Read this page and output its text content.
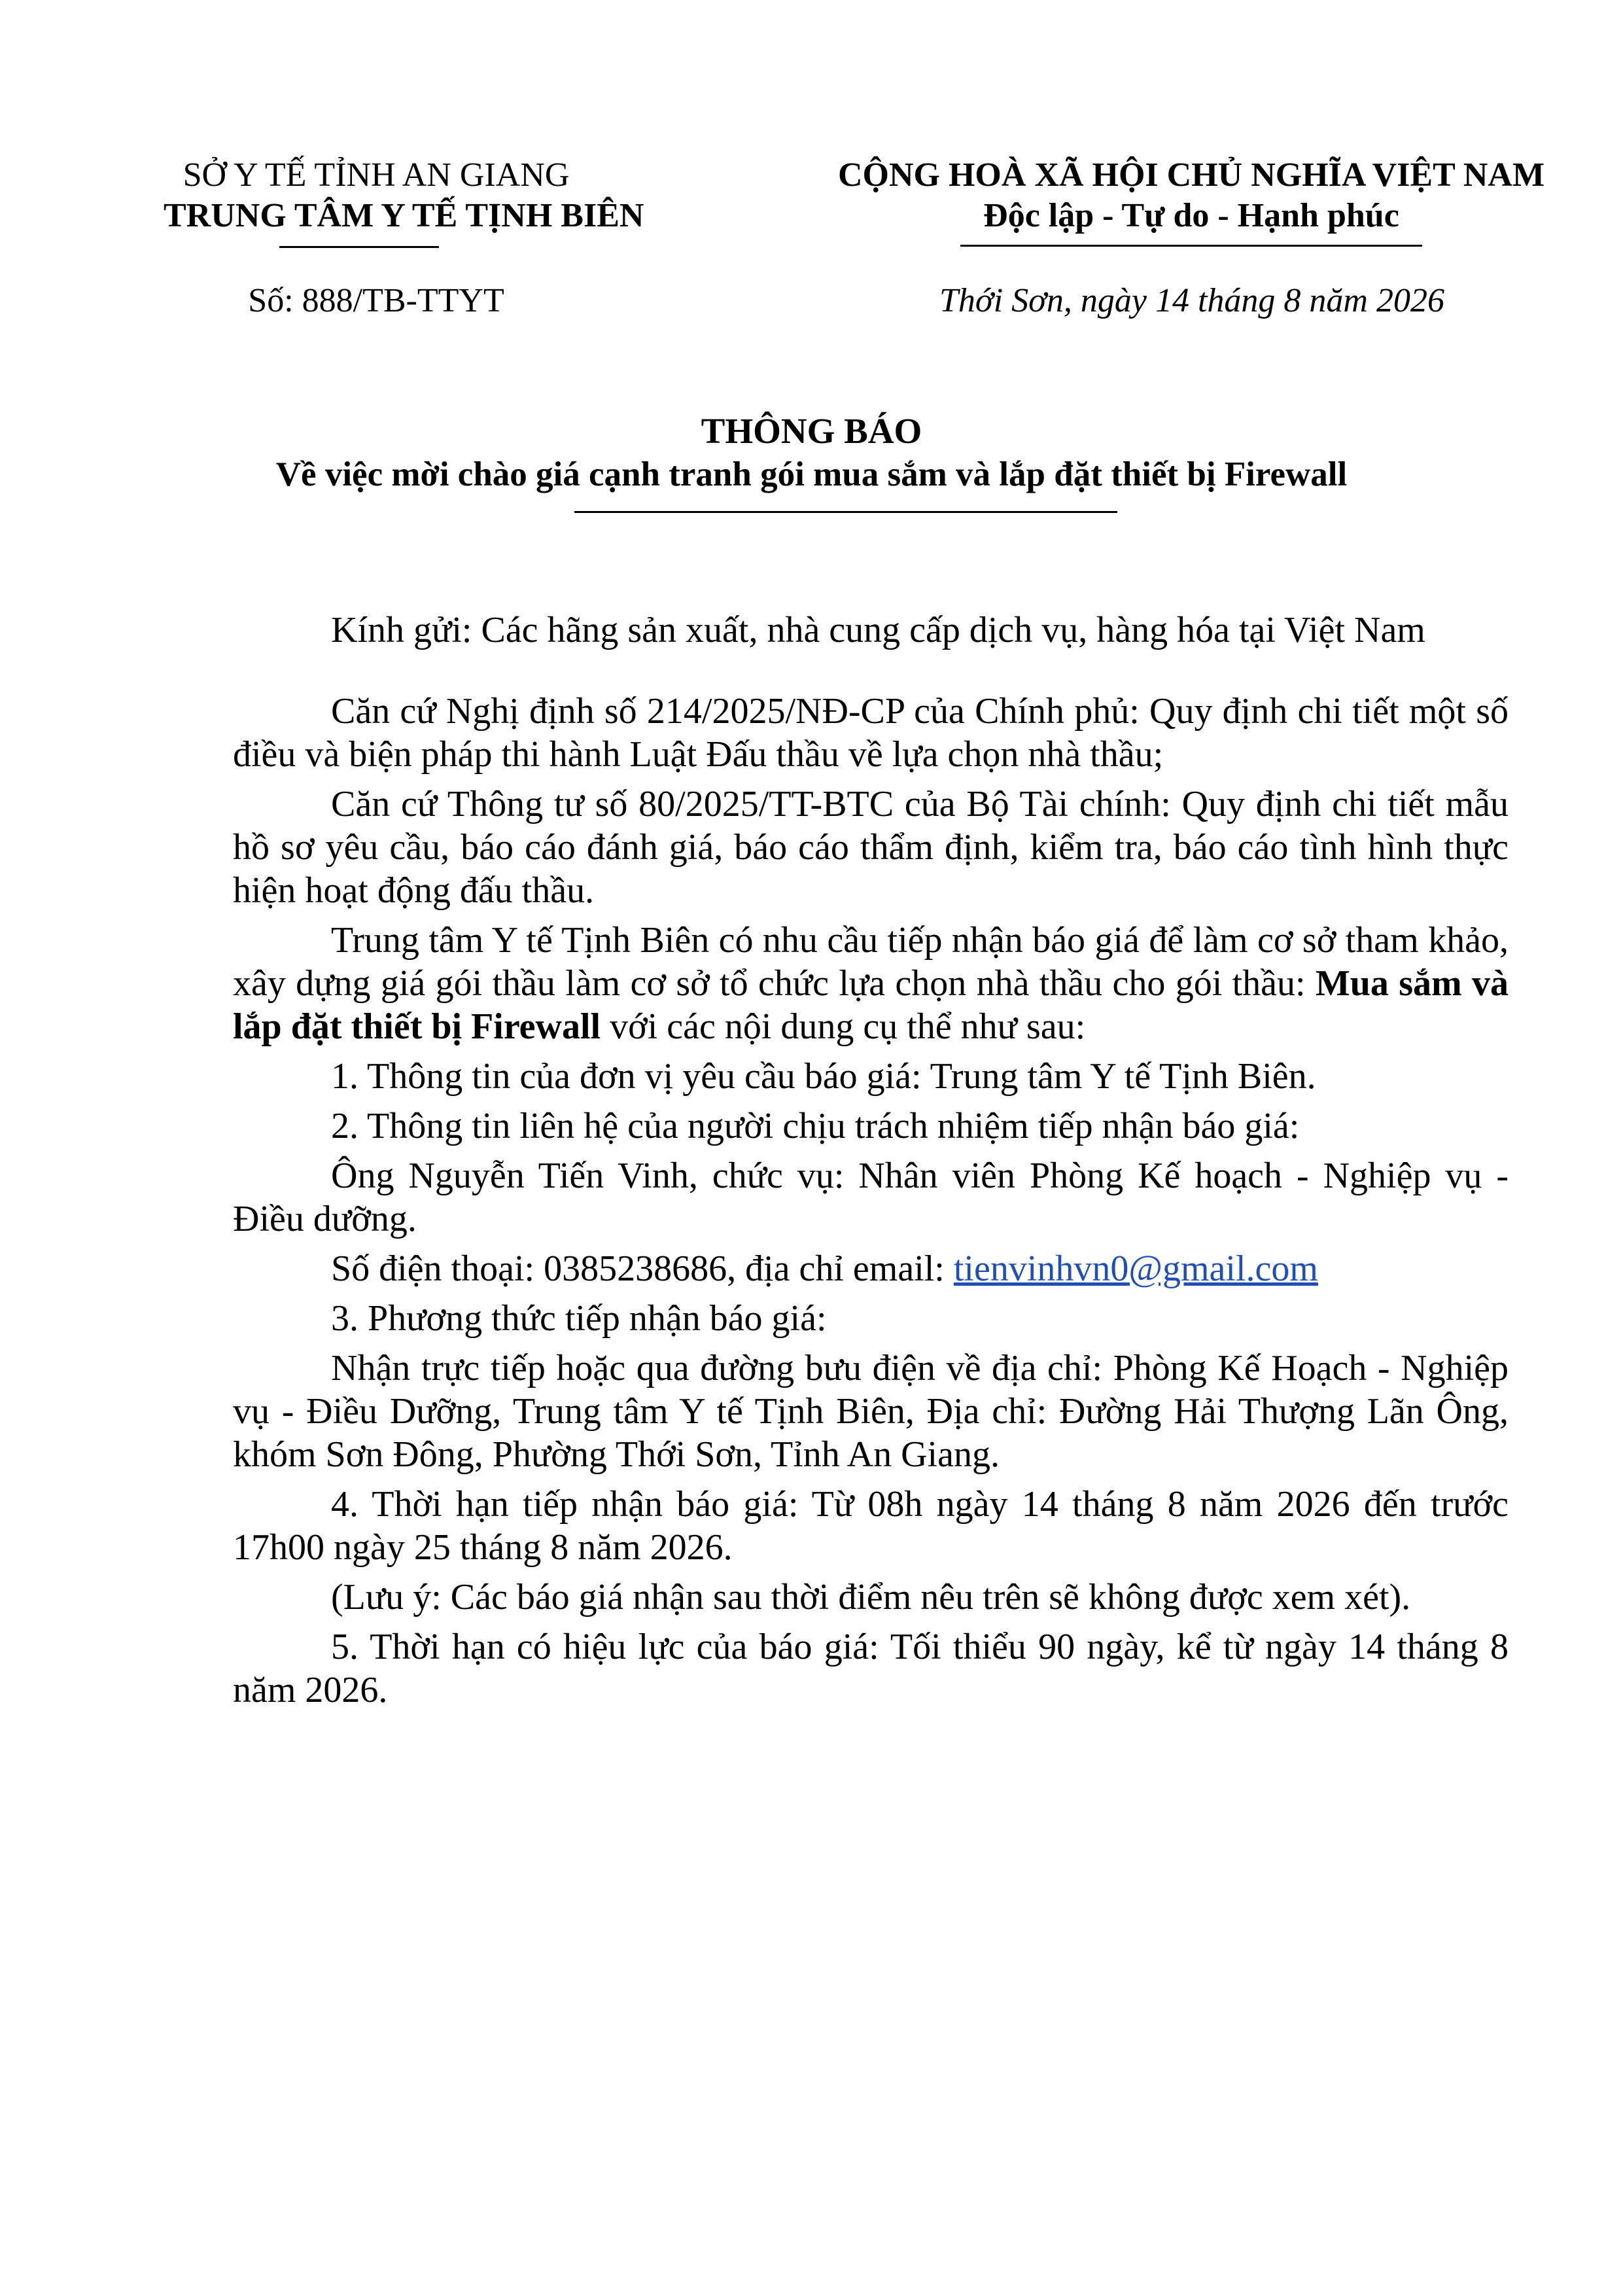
SỞ Y TẾ TỈNH AN GIANG
TRUNG TÂM Y TẾ TỊNH BIÊN
Số: 888/TB-TTYT
CỘNG HOÀ XÃ HỘI CHỦ NGHĨA VIỆT NAM
Độc lập - Tự do - Hạnh phúc
Thới Sơn, ngày 14 tháng 8 năm 2026
THÔNG BÁO
Về việc mời chào giá cạnh tranh gói mua sắm và lắp đặt thiết bị Firewall

Kính gửi: Các hãng sản xuất, nhà cung cấp dịch vụ, hàng hóa tại Việt Nam

Căn cứ Nghị định số 214/2025/NĐ-CP của Chính phủ: Quy định chi tiết một số điều và biện pháp thi hành Luật Đấu thầu về lựa chọn nhà thầu;

Căn cứ Thông tư số 80/2025/TT-BTC của Bộ Tài chính: Quy định chi tiết mẫu hồ sơ yêu cầu, báo cáo đánh giá, báo cáo thẩm định, kiểm tra, báo cáo tình hình thực hiện hoạt động đấu thầu.

Trung tâm Y tế Tịnh Biên có nhu cầu tiếp nhận báo giá để làm cơ sở tham khảo, xây dựng giá gói thầu làm cơ sở tổ chức lựa chọn nhà thầu cho gói thầu: Mua sắm và lắp đặt thiết bị Firewall với các nội dung cụ thể như sau:

1. Thông tin của đơn vị yêu cầu báo giá: Trung tâm Y tế Tịnh Biên.

2. Thông tin liên hệ của người chịu trách nhiệm tiếp nhận báo giá:

Ông Nguyễn Tiến Vinh, chức vụ: Nhân viên Phòng Kế hoạch - Nghiệp vụ - Điều dưỡng.

Số điện thoại: 0385238686, địa chỉ email: tienvinhvn0@gmail.com

3. Phương thức tiếp nhận báo giá:

Nhận trực tiếp hoặc qua đường bưu điện về địa chỉ: Phòng Kế Hoạch - Nghiệp vụ - Điều Dưỡng, Trung tâm Y tế Tịnh Biên, Địa chỉ: Đường Hải Thượng Lãn Ông, khóm Sơn Đông, Phường Thới Sơn, Tỉnh An Giang.

4. Thời hạn tiếp nhận báo giá: Từ 08h ngày 14 tháng 8 năm 2026 đến trước 17h00 ngày 25 tháng 8 năm 2026.

(Lưu ý: Các báo giá nhận sau thời điểm nêu trên sẽ không được xem xét).

5. Thời hạn có hiệu lực của báo giá: Tối thiểu 90 ngày, kể từ ngày 14 tháng 8 năm 2026.
